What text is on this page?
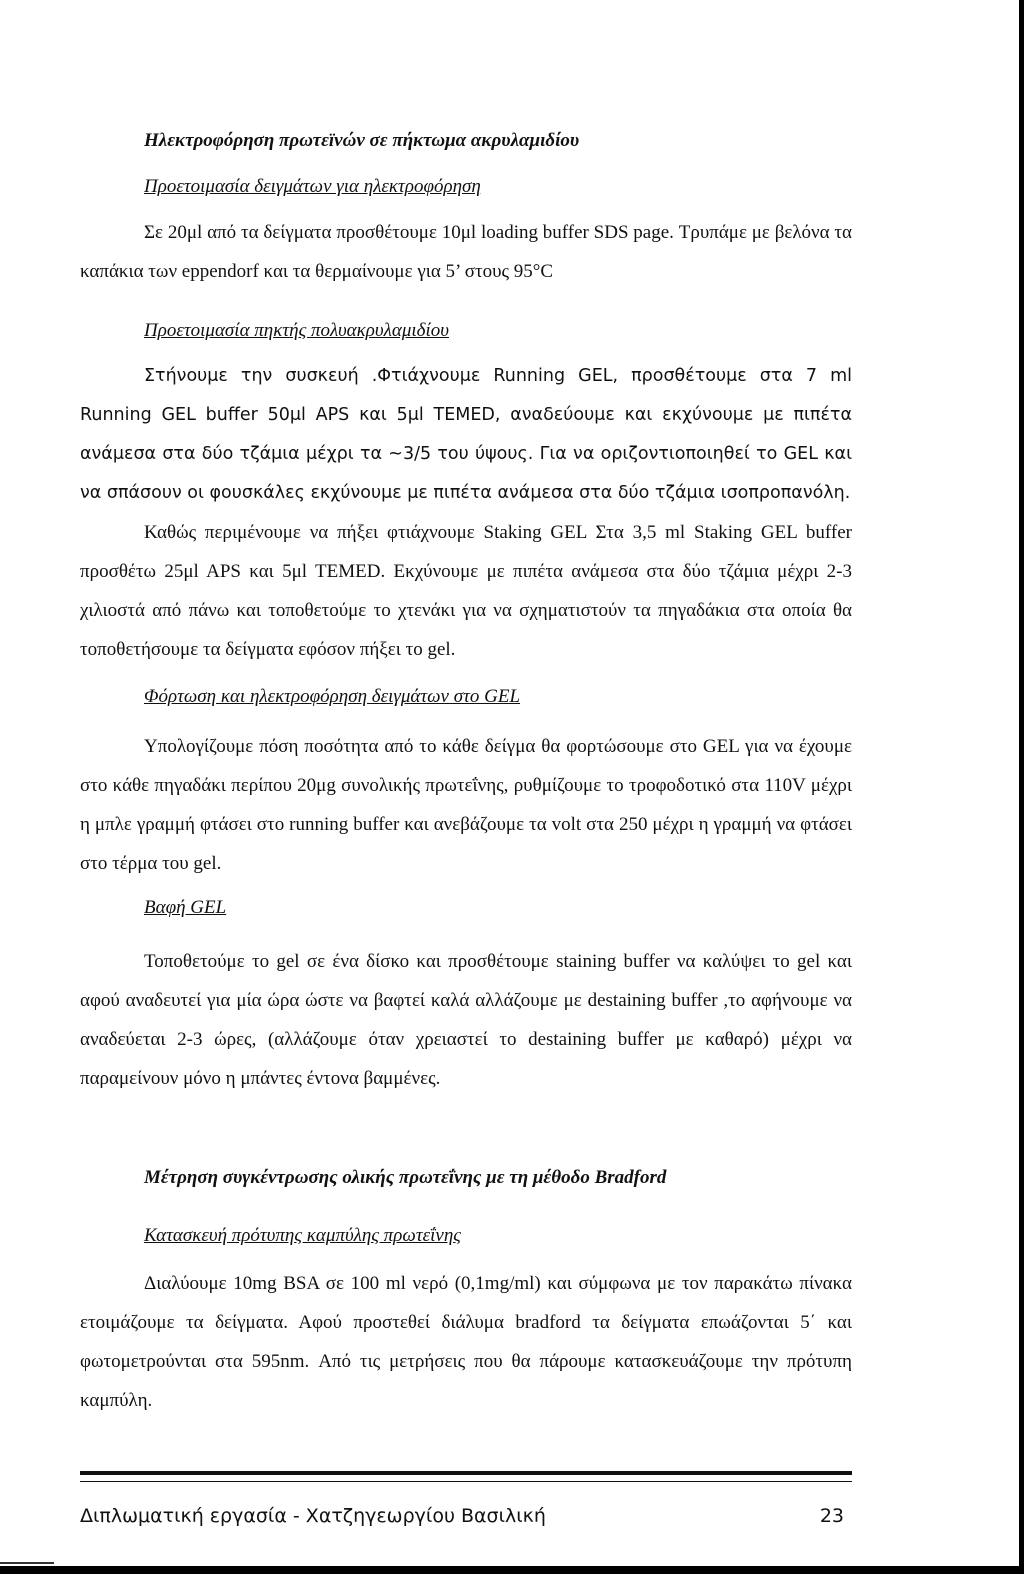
Ηλεκτροφόρηση πρωτεϊνών σε πήκτωμα ακρυλαμιδίου
Προετοιμασία δειγμάτων για ηλεκτροφόρηση

Σε 20μl από τα δείγματα προσθέτουμε 10μl loading buffer SDS page. Τρυπάμε με βελόνα τα καπάκια των eppendorf και τα θερμαίνουμε για 5’ στους 95°C

Προετοιμασία πηκτής πολυακρυλαμιδίου

Στήνουμε την συσκευή .Φτιάχνουμε Running GEL, προσθέτουμε στα 7 ml Running GEL buffer 50μl APS και 5μl TEMED, αναδεύουμε και εκχύνουμε με πιπέτα ανάμεσα στα δύο τζάμια μέχρι τα ~3/5 του ύψους. Για να οριζοντιοποιηθεί το GEL και να σπάσουν οι φουσκάλες εκχύνουμε με πιπέτα ανάμεσα στα δύο τζάμια ισοπροπανόλη.

Καθώς περιμένουμε να πήξει φτιάχνουμε Staking GEL Στα 3,5 ml Staking GEL buffer προσθέτω 25μl APS και 5μl TEMED. Εκχύνουμε με πιπέτα ανάμεσα στα δύο τζάμια μέχρι 2-3 χιλιοστά από πάνω και τοποθετούμε το χτενάκι για να σχηματιστούν τα πηγαδάκια στα οποία θα τοποθετήσουμε τα δείγματα εφόσον πήξει το gel.

Φόρτωση και ηλεκτροφόρηση δειγμάτων στο GEL

Υπολογίζουμε πόση ποσότητα από το κάθε δείγμα θα φορτώσουμε στο GEL για να έχουμε στο κάθε πηγαδάκι περίπου 20μg συνολικής πρωτεΐνης, ρυθμίζουμε το τροφοδοτικό στα 110V μέχρι η μπλε γραμμή φτάσει στο running buffer και ανεβάζουμε τα volt στα 250 μέχρι η γραμμή να φτάσει στο τέρμα του gel.

Βαφή GEL

Τοποθετούμε το gel σε ένα δίσκο και προσθέτουμε staining buffer να καλύψει το gel και αφού αναδευτεί για μία ώρα ώστε να βαφτεί καλά αλλάζουμε με destaining buffer ,το αφήνουμε να αναδεύεται 2-3 ώρες, (αλλάζουμε όταν χρειαστεί το destaining buffer με καθαρό) μέχρι να παραμείνουν μόνο η μπάντες έντονα βαμμένες.

Μέτρηση συγκέντρωσης ολικής πρωτεΐνης με τη μέθοδο Bradford
Κατασκευή πρότυπης καμπύλης πρωτεΐνης

Διαλύουμε 10mg BSA σε 100 ml νερό (0,1mg/ml) και σύμφωνα με τον παρακάτω πίνακα ετοιμάζουμε τα δείγματα. Αφού προστεθεί διάλυμα bradford τα δείγματα επωάζονται 5΄ και φωτομετρούνται στα 595nm. Από τις μετρήσεις που θα πάρουμε κατασκευάζουμε την πρότυπη καμπύλη.

Διπλωματική εργασία - Χατζηγεωργίου Βασιλική	23
